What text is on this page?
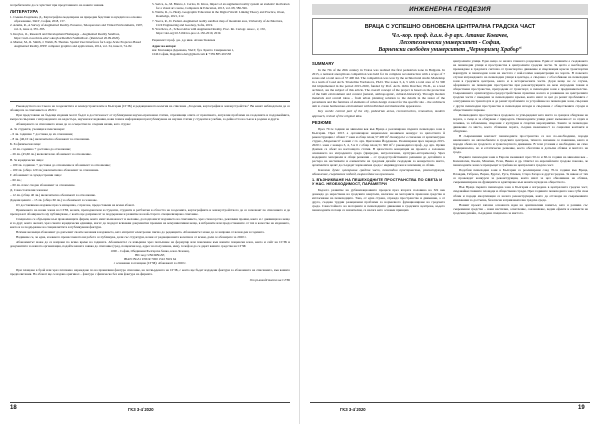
потребителите да се чувстват при представянето на новите знания.

ЛИТЕРАТУРА

1. Съвова-Георгиева, Д., Картографско моделиране на природни бедствия за нуждите на основно образование, УАСГ, София, 2018, 157.

2. Azuma, R., A Survey of Augmented Reality. Presence, Teleoperators and Virtual Environments, 1997, vol. 6, issue 4, 355–385.

3. Kreylos, O., Research and Development Homepage – Augmented Reality Sandbox, https://web.cs.ucdavis.edu/~okreylos/ResDev/SARndbox/. (Retrieved 20.09.2020).

4. Marner, M., R. Smith, J. Walsh, B. Thomas. Spatial User Interfaces for Large-Scale Projector-Based Augmented Reality, IEEE computer graphics and applications, 2014, vol. 34, issue 6, 74–82.

5. Sertca, A., M. Blanco, I. Cerfos, D. Kiros, Impact of an augmented reality system on students' motivation for a visual art course, Computers & Education, 2013, vol. 68, 586-596.

6. Wattle, R., G. Healy. Geographic Education in the Digital World: Linking Theory and Practice, Oxon, Routledge, 2021, 212.

7. Yoovs, R., D. Pedani. Augmented reality sandbox map of mountain area, University of Architecture, Civil Engineering and Geodesy, Sofia, 2019.

8. Yovcheva, Z., School Atlas with Augmented Reality, Proc. Int. Cartogr. Assoc., 2, 150, https://doi.org/10.5194/ica-proc-2-150-2019, 2019.

Рецензент: проф. д.н. д-р инж. Атанас Ковачев

Адрес на автора:

маг. Благомира Дерешева, УАСГ, бул. Христо Смирненски 1,

1046 София, blagomira.deri@gmail.com ● +359 885 491558

Ръководството на Съюза на геодезистите и землеустроителите в България (СГЗБ) и редакционната колегия на списание „Геодезия, картография и землеустройство“ Ви канят наблюдатели да се абонирате за списанието в 2020 г.

При представяне на бъдещи издания могат бъдат в достатъчност от публикувани научно-приложни статии, отразяващи опита от практиката, актуални проблеми на геодезията и поддомейните, въпроси свързани с изграждането на кадастъра, научни изследвания, нови теми и информация при публикуване на научни статии у студенти и учебни, за дейността на съюза в родина и други.

Абонирането за списанието може да се осъществи по следния начин, като струва:

А. За студенти, ученици и пенсионери:

– 6 лв. годишно + доставка до из отношение;

– 8 лв. (46,10 лв.) включително абонамент за отношение.

Б. За физически лица:

– 10 лв. годишно + доставка до отношение;

– 26 лв. (45,60 лв.) включително абонамент за отношение.

В. За юридически лица:

– 100 лв. годишно + доставка до отношение и абонамент за отношение;

– 100 лв. (общо 120 лв.) включително абонамент за отношение.

Г. Абонамент за чуждестранни лица:

– 60 лв.;

– 60 лв. плюс сходна абонамент за отношение.

Д. Самостоятелни членове:

– 12 лв. (общо 40 лв.) включително абонамент за отношение.

Дадени цените – 15 лв. (общо 60 лв.) за абонамент за членове.

От доставчиково издание при се извършва, с прагове, предоставени на всеки абонат.

Приемането на всеки члена на СГЗБ, колеги, преподаватели и студенти, студенти и ратблетки в областта на геодезията, картографията и землеустройството да се запознаят по списанието и да препоръчат абонирането му публикуване, с които ще допринесат за поддържане и развитие на най-старото специализирано списание.

Специално се обръщаме към правоимащите фирми, които имат възможност и желание, да подпомагат изданието на списанието, чрез спонсорство, рекламни прояви, както и с дневници на нещо и за друг, които желаят, чрез своите юридически единици, могат да подадат всякакви документни промени на комуникативни неща, в избраните или предоставените от тях в качестве на изданието, както и за поддържане на специалистите в публикувани фактури.

Всички желаещи абонамент да допълнят своите желания в изданието, като изпратят електронно писмо до редакцията. Абонаментът може да се направи от всеки ден в годината.

Надяваме се, че една, и каквото пренасочената ни работа се публикува, дали със структури, всеки от редакционната колегия и от всеки, дали се абонирате за 2020 г.

Абонаментът може да се направи по всяко време на годината. Абонаментът се извършва чрез попълване на формуляр или поискване към вашите пощенски клон, както и сайт на СГЗБ и документите за нашата организация, подайте вашата заявка до списание (град, пощенски код, адрес на получаване, име), телефон да се дарят вашите средства на СГЗБ:

1000 – София, Обединени Българска банка, клон Лозенец,

BIC код: UNCRBGSF,

IBAN: BG31 UNCR 7000 1522 5919 64

с основание за плащане (СГЗБ): Абонамент за 2020 г.

При плащане в брой или чрез платежно нареждане по на правилния фактура списание, на потвърдената на СГЗБ, с която ще бъдат издадени фактури за абонамента на списанието, във вашите предпочитания. На абонат ще се издава оригинал – фактура с физическо без или фактура на фирмата.

От ръководството на СГЗБ

18	ГКЗ 3-4`2020
ИНЖЕНЕРНА ГЕОДЕЗИЯ
ВРАЦА С УСПЕШНО ОБНОВЕНА ЦЕНТРАЛНА ГРАДСКА ЧАСТ
Чл.-кор. проф. д.а.н. д-р арх. Атанас Ковачев,
Лесотехнически университет - София,
Варненски свободен университет „Черноризец Храбър“
SUMMARY

In the 70s of the 20th century in Vratsa was realized the first pedestrian zone in Bulgaria. In 2015, a national anonymous competition was held for its complete reconstruction with a scope of 7 zones and a total area of 57 400 m2. The competition was won by the architectural studio Modelaisp in a team of Laad Arch. Tsvetelina Yordanova, Ph.D. The zones 3, 4, 5 with a total area of 51 300 m2 implemented in the period 2015-2020, funded by Prof. Arch. Orlin Davchev, Ph.D., as a lead architect, are the subject of this article. The overall concept of the project is based on the protection of the built environment and context (natural, anthropogenic, cultural-historical). Through modern materials and overall ideas – from urban planning solution to the details in the raster of the pavements and the furniture of elements of urban design created for the specific site – the architects aim to create harmonious environment with individual and memorable appearance.

Key words: central part of the city, pedestrian areas, reconstruction, renovation, modern approach, revival of the original idea.

РЕЗЮМЕ

През 70-те години на миналия век във Враца е реализирана първата пешеходна зона в България. През 2015 е организиран национален анонимен конкурс за цялостната й реконструкция с обхват 7 зони и обща площ 57 400 m². Конкурсът е спечелен от архитектурно студио „Моделаисп“ в екип с гл. арх. Цветелина Йорданова. Реализирани през периода 2015-2020 г. зони с номера 3, 4, 5 и 6 с обща площ 51 300 m² с ръководител проф. д-р арх. Орлин Дамчев са обект на настоящата статия. В цялостната концепция на проекта е заложено опазването на изградената среда (природна, антропогенна, културно-историческа). Чрез модерните материали и общи решения – от градоустройствените решения до детайлите в растера на настилките и елементите на градския дизайн създадени за конкретното място, архитектите целят да създадат хармонична среда с индивидуален и запомнящ се облик.

Ключови думи: централна градска част, пешеходни пространства, реконструкция, обновление, съвременен подход, възраждане на оригинала.

1. ВЪЗНИКВАНЕ НА ПЕШЕХОДНИТЕ ПРОСТРАНСТВА ПО СВЕТА И У НАС. НЕОБХОДИМОСТ, ПАРАМЕТРИ

Бързото развитие на урбанизационните процеси през втората половина на XX век довежда до нарастване на градските квартали, налагане на моторните превозни средства и изтласкване на пешеходците. Това, от една страна, отрежда пространство и движение, а от друга, създава трудни реакционни проблеми за нормалното функциониране на градската среда. Самостойното на моторните и пешеходните движения в градските центрове, където пешеходните потоци са значителни, се налага като основен принцип.

централните улици. Едно нещо се налага главното разделяне. Един от начините е създаването на пешеходни улици и пространства в централните градски части. За целта е необходимо провеждане в градската система от транспортно движение и свързващия кръгов транспортни маршрути и пешеходни зони на местата с най-голяма концентрация на хората. В повечето случаи изграждането на пешеходни улици в центъра, е свързано с обособяване на пешеходни зони в градските центрове, както и в историческите части. Дори нещо не се случва, оформянето на пешеходни пространства при реконструкцията на вече изградени тежки и обществени пространства, преградени от транспорт, в пешеходни зони е предизвикателство. Съвременната архитектурно-градоустройствена практика налага и развиване на централните градски части с въведени за пешеходните връзки, които имат за цел да решат проблемите с осигуряване на транспорта и да решат проблемите за устройване на пешеходни зони, свързани с други пешеходни пространства и пешеходни изходи и свързване с обществените сгради и обществените паркове.

Пешеходните пространства в градовете се утвърждават като място за срещи и общуване на хората, а също и за общуване с природата. Пешеходните улици дават възможност за отдих и почивка, за забавления, свързани с културни и спортни мероприятия. Зоните за пешеходно движение са място, което сближава хората, създава възможност за социални контакти и общуване.

В съвременния контекст пешеходните пространства са все по-необходими, поради навлизането на автомобилите в градските центрове, тяхното значение се повишава, както и поради обема на градското и транспортното движение. В тези условия е необходимо не само функционално, но и естетическо решение, което обогатява и допълва облика и мястото на града.

Първите пешеходни зони в Европа възникват през 50-те и 60-те години на миналия век – Копенхаген, Кьолн, Мюнхен, Есен, Виена и др. Опитът на европейските градове показва, че пешеходните зони се превръщат в гръбнак на централната градска част.

Подобни пешеходни зони в България са реализирани след 70-те години във Враца, Пловдив, Габрово, Варна, Бургас, Русе, Плевен, Стара Загора и други градове. За някои от тях се провеждат конкурси за реконструкция, които имат за цел обновяване на облика, съвременизиране на функциите и адаптиране към новите нужди на обществото.

Във Враца първата пешеходна зона в България е изградена в централната градска част, свързвайки главните площади и обществени сгради. През годините пешеходната зона губи своя облик и поради амортизация се налага реконструкция, която да отговори на съвременните изисквания за достъпна, безопасна и привлекателна градска среда.

Новият проект запазва основната идея на оригиналния замисъл, като я развива със съвременни средства – нови настилки, осветление, озеленяване, водни ефекти и елементи на градския дизайн, създадени специално за мястото.

ГКЗ 3-4`2020	19
